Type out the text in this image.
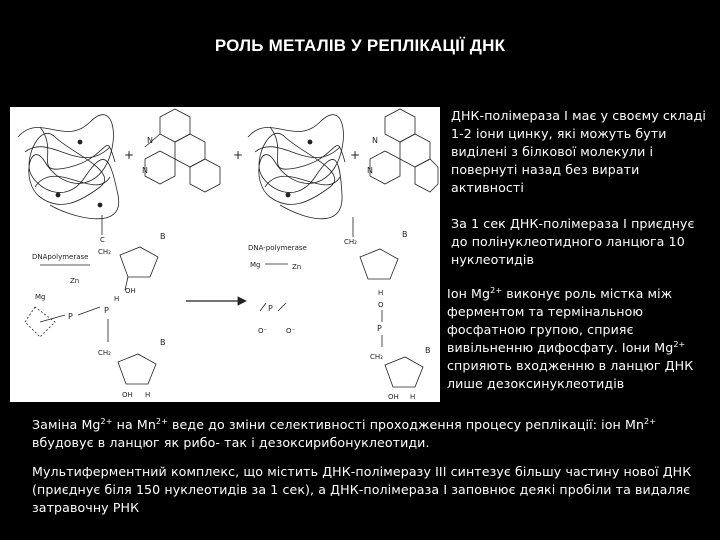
РОЛЬ МЕТАЛІВ У РЕПЛІКАЦІЇ ДНК
+
N
N
+	+
N
N
DNApolymerase
Zn
C
CH₂
B
H
OH
Mg
P
P
CH₂
B
OH H
DNA-polymerase
Mg	Zn
P
O⁻	O⁻
CH₂
B
H
O
P
CH₂
B
OH H

ДНК-полімераза І має у своєму складі 1-2 іони цинку, які можуть бути виділені з білкової молекули і повернуті назад без вирати активності

За 1 сек ДНК-полімераза І приєднує до полінуклеотидного ланцюга 10 нуклеотидів

Іон $Mg^{2+}$ виконує роль містка між ферментом та термінальною фосфатною групою, сприяє вивільненню дифосфату. Іони $Mg^{2+}$ сприяють входженню в ланцюг ДНК лише дезоксинуклеотидів

Заміна $Mg^{2+}$ на $Mn^{2+}$ веде до зміни селективності проходження процесу реплікації: іон $Mn^{2+}$ вбудовує в ланцюг як рибо- так і дезоксирибонуклеотиди.

Мультиферментний комплекс, що містить ДНК-полімеразу ІІІ синтезує більшу частину нової ДНК (приєднує біля 150 нуклеотидів за 1 сек), а ДНК-полімераза І заповнює деякі пробіли та видаляє затравочну РНК
